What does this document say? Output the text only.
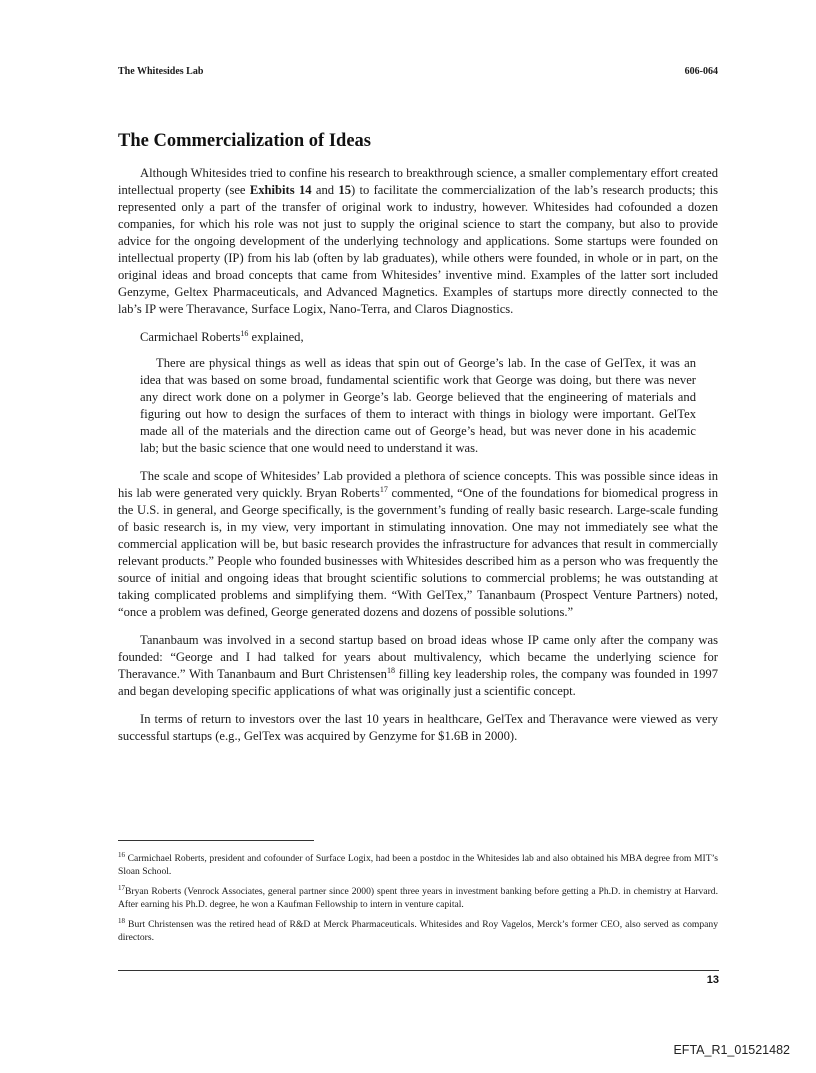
The Whitesides Lab	606-064
The Commercialization of Ideas

Although Whitesides tried to confine his research to breakthrough science, a smaller complementary effort created intellectual property (see Exhibits 14 and 15) to facilitate the commercialization of the lab’s research products; this represented only a part of the transfer of original work to industry, however. Whitesides had cofounded a dozen companies, for which his role was not just to supply the original science to start the company, but also to provide advice for the ongoing development of the underlying technology and applications. Some startups were founded on intellectual property (IP) from his lab (often by lab graduates), while others were founded, in whole or in part, on the original ideas and broad concepts that came from Whitesides’ inventive mind. Examples of the latter sort included Genzyme, Geltex Pharmaceuticals, and Advanced Magnetics. Examples of startups more directly connected to the lab’s IP were Theravance, Surface Logix, Nano-Terra, and Claros Diagnostics.

Carmichael Roberts$^{16}$ explained,

There are physical things as well as ideas that spin out of George’s lab. In the case of GelTex, it was an idea that was based on some broad, fundamental scientific work that George was doing, but there was never any direct work done on a polymer in George’s lab. George believed that the engineering of materials and figuring out how to design the surfaces of them to interact with things in biology were important. GelTex made all of the materials and the direction came out of George’s head, but was never done in his academic lab; but the basic science that one would need to understand it was.

The scale and scope of Whitesides’ Lab provided a plethora of science concepts. This was possible since ideas in his lab were generated very quickly. Bryan Roberts$^{17}$ commented, “One of the foundations for biomedical progress in the U.S. in general, and George specifically, is the government’s funding of really basic research. Large-scale funding of basic research is, in my view, very important in stimulating innovation. One may not immediately see what the commercial application will be, but basic research provides the infrastructure for advances that result in commercially relevant products.” People who founded businesses with Whitesides described him as a person who was frequently the source of initial and ongoing ideas that brought scientific solutions to commercial problems; he was outstanding at taking complicated problems and simplifying them. “With GelTex,” Tananbaum (Prospect Venture Partners) noted, “once a problem was defined, George generated dozens and dozens of possible solutions.”

Tananbaum was involved in a second startup based on broad ideas whose IP came only after the company was founded: “George and I had talked for years about multivalency, which became the underlying science for Theravance.” With Tananbaum and Burt Christensen$^{18}$ filling key leadership roles, the company was founded in 1997 and began developing specific applications of what was originally just a scientific concept.

In terms of return to investors over the last 10 years in healthcare, GelTex and Theravance were viewed as very successful startups (e.g., GelTex was acquired by Genzyme for $1.6B in 2000).

$^{16}$ Carmichael Roberts, president and cofounder of Surface Logix, had been a postdoc in the Whitesides lab and also obtained his MBA degree from MIT’s Sloan School.

$^{17}$Bryan Roberts (Venrock Associates, general partner since 2000) spent three years in investment banking before getting a Ph.D. in chemistry at Harvard. After earning his Ph.D. degree, he won a Kaufman Fellowship to intern in venture capital.

$^{18}$ Burt Christensen was the retired head of R&D at Merck Pharmaceuticals. Whitesides and Roy Vagelos, Merck’s former CEO, also served as company directors.

13
EFTA_R1_01521482
